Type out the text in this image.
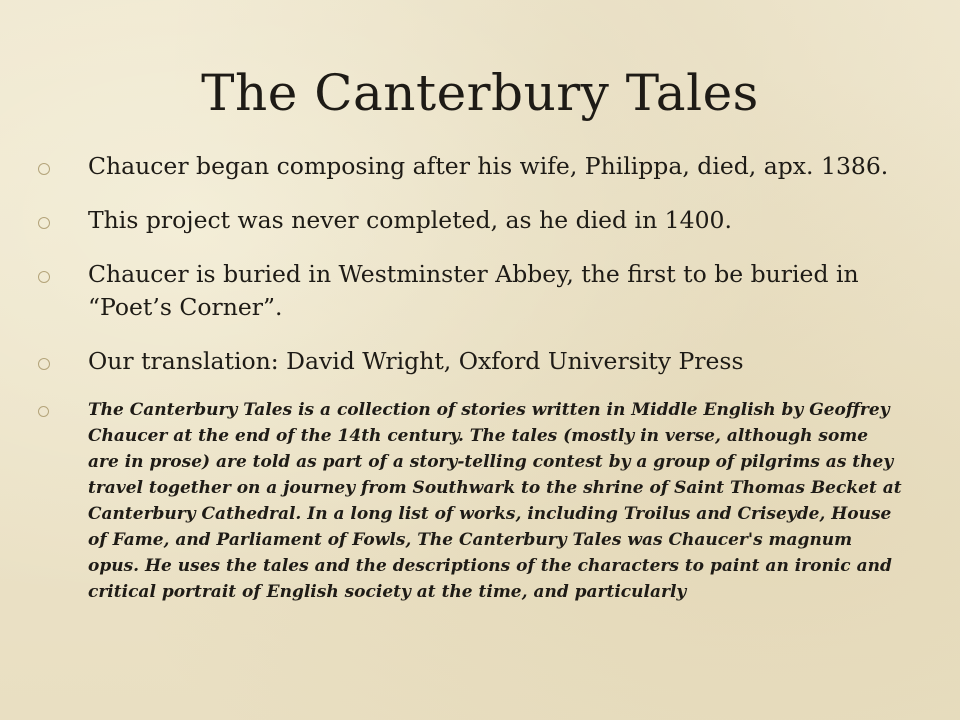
The Canterbury Tales
Chaucer began composing after his wife, Philippa, died, apx. 1386.
This project was never completed, as he died in 1400.
Chaucer is buried in Westminster Abbey, the first to be buried in “Poet’s Corner”.
Our translation: David Wright, Oxford University Press
The Canterbury Tales is a collection of stories written in Middle English by Geoffrey Chaucer at the end of the 14th century. The tales (mostly in verse, although some are in prose) are told as part of a story-telling contest by a group of pilgrims as they travel together on a journey from Southwark to the shrine of Saint Thomas Becket at Canterbury Cathedral. In a long list of works, including Troilus and Criseyde, House of Fame, and Parliament of Fowls, The Canterbury Tales was Chaucer's magnum opus. He uses the tales and the descriptions of the characters to paint an ironic and critical portrait of English society at the time, and particularly
